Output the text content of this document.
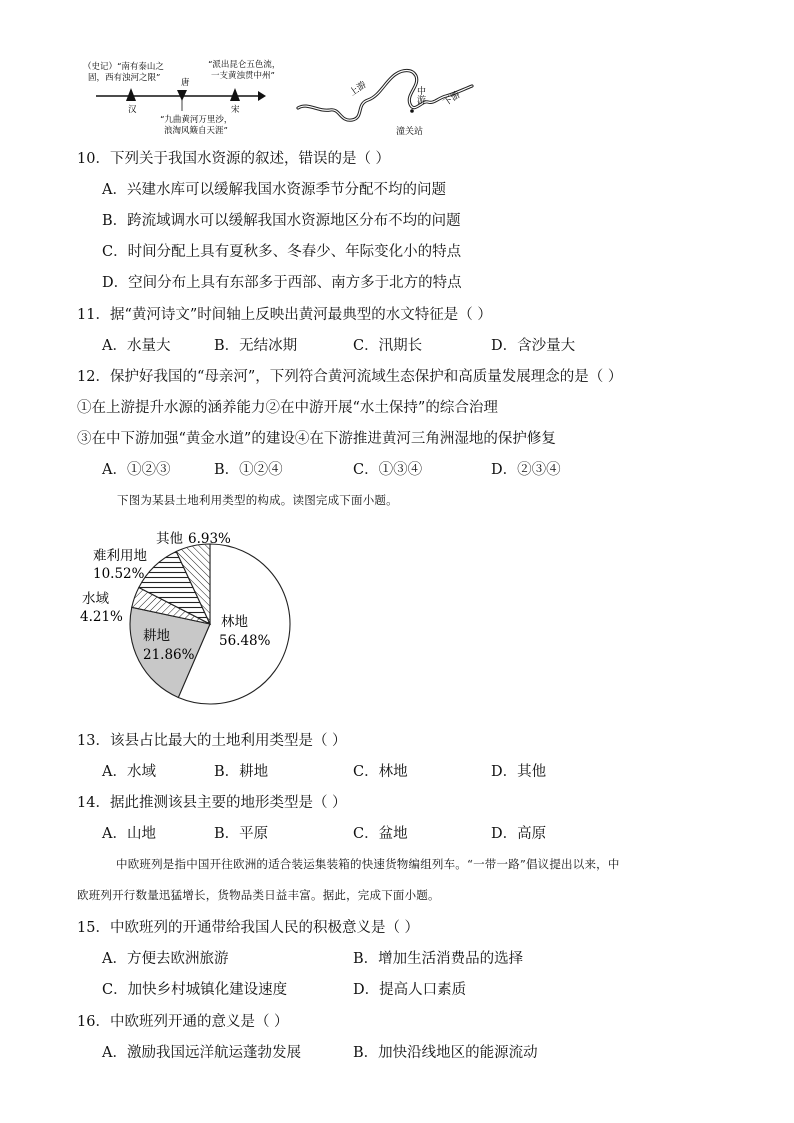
（史记）“南有泰山之
固，西有浊河之限”
“派出昆仑五色流，
一支黄浊贯中州”
唐
汉	宋
“九曲黄河万里沙，
浪淘风簸自天涯”
上游	中游 下游
潼关站
10．下列关于我国水资源的叙述，错误的是（ ）
A．兴建水库可以缓解我国水资源季节分配不均的问题
B．跨流域调水可以缓解我国水资源地区分布不均的问题
C．时间分配上具有夏秋多、冬春少、年际变化小的特点
D．空间分布上具有东部多于西部、南方多于北方的特点
11．据“黄河诗文”时间轴上反映出黄河最典型的水文特征是（ ）
A．水量大	B．无结冰期	C．汛期长	D．含沙量大
12．保护好我国的“母亲河”，下列符合黄河流域生态保护和高质量发展理念的是（ ）
①在上游提升水源的涵养能力②在中游开展“水土保持”的综合治理
③在中下游加强“黄金水道”的建设④在下游推进黄河三角洲湿地的保护修复
A．①②③	B．①②④	C．①③④	D．②③④
下图为某县土地利用类型的构成。读图完成下面小题。
林地
56.48%
耕地
21.86%
水域
4.21%
难利用地
10.52%
其他 6.93%
13．该县占比最大的土地利用类型是（ ）
A．水域	B．耕地	C．林地	D．其他
14．据此推测该县主要的地形类型是（ ）
A．山地	B．平原	C．盆地	D．高原
中欧班列是指中国开往欧洲的适合装运集装箱的快速货物编组列车。“一带一路”倡议提出以来，中
欧班列开行数量迅猛增长，货物品类日益丰富。据此，完成下面小题。
15．中欧班列的开通带给我国人民的积极意义是（ ）
A．方便去欧洲旅游	B．增加生活消费品的选择
C．加快乡村城镇化建设速度	D．提高人口素质
16．中欧班列开通的意义是（ ）
A．激励我国远洋航运蓬勃发展	B．加快沿线地区的能源流动
